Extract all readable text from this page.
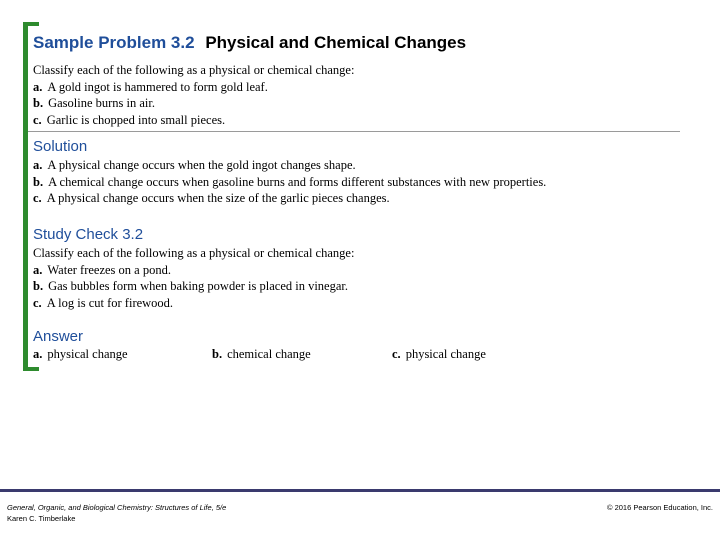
Sample Problem 3.2 Physical and Chemical Changes
Classify each of the following as a physical or chemical change:
a. A gold ingot is hammered to form gold leaf.
b. Gasoline burns in air.
c. Garlic is chopped into small pieces.
Solution
a. A physical change occurs when the gold ingot changes shape.
b. A chemical change occurs when gasoline burns and forms different substances with new properties.
c. A physical change occurs when the size of the garlic pieces changes.
Study Check 3.2
Classify each of the following as a physical or chemical change:
a. Water freezes on a pond.
b. Gas bubbles form when baking powder is placed in vinegar.
c. A log is cut for firewood.
Answer
a. physical change	b. chemical change	c. physical change
General, Organic, and Biological Chemistry: Structures of Life, 5/e
Karen C. Timberlake
© 2016 Pearson Education, Inc.
